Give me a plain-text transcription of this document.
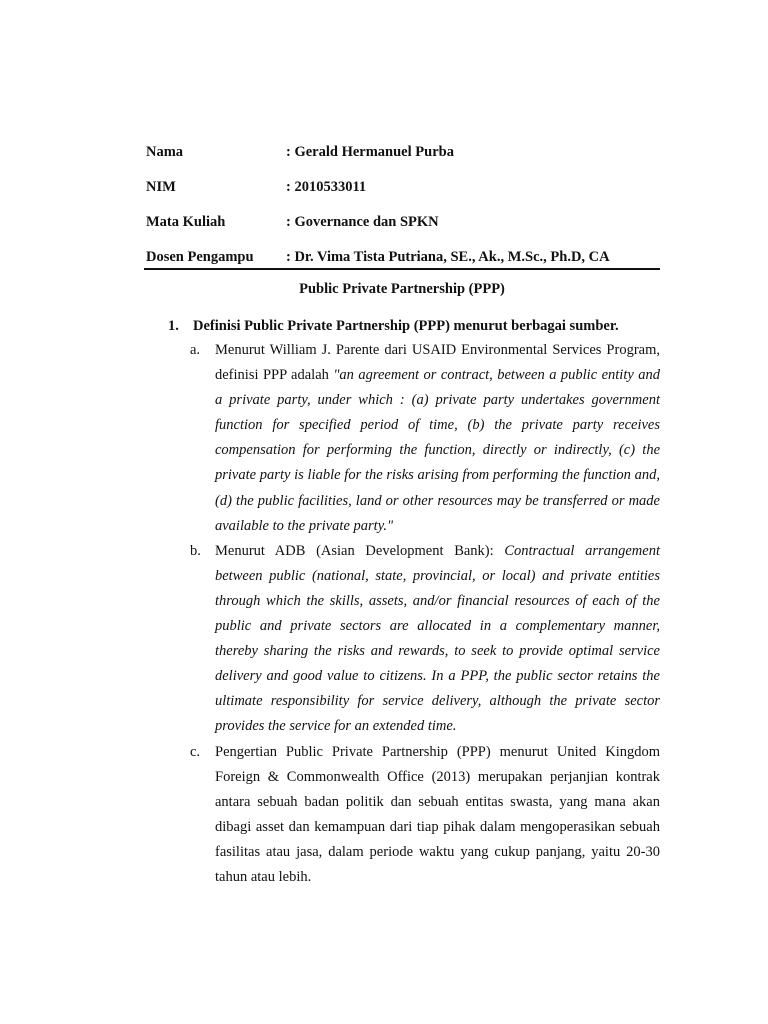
Nama	: Gerald Hermanuel Purba
NIM	: 2010533011
Mata Kuliah	: Governance dan SPKN
Dosen Pengampu	: Dr. Vima Tista Putriana, SE., Ak., M.Sc., Ph.D, CA
Public Private Partnership (PPP)
1. Definisi Public Private Partnership (PPP) menurut berbagai sumber.
a.	Menurut William J. Parente dari USAID Environmental Services Program, definisi PPP adalah "an agreement or contract, between a public entity and a private party, under which : (a) private party undertakes government function for specified period of time, (b) the private party receives compensation for performing the function, directly or indirectly, (c) the private party is liable for the risks arising from performing the function and, (d) the public facilities, land or other resources may be transferred or made available to the private party."
b. Menurut ADB (Asian Development Bank): Contractual arrangement between public (national, state, provincial, or local) and private entities through which the skills, assets, and/or financial resources of each of the public and private sectors are allocated in a complementary manner, thereby sharing the risks and rewards, to seek to provide optimal service delivery and good value to citizens. In a PPP, the public sector retains the ultimate responsibility for service delivery, although the private sector provides the service for an extended time.
c.	Pengertian Public Private Partnership (PPP) menurut United Kingdom Foreign & Commonwealth Office (2013) merupakan perjanjian kontrak antara sebuah badan politik dan sebuah entitas swasta, yang mana akan dibagi asset dan kemampuan dari tiap pihak dalam mengoperasikan sebuah fasilitas atau jasa, dalam periode waktu yang cukup panjang, yaitu 20-30 tahun atau lebih.
